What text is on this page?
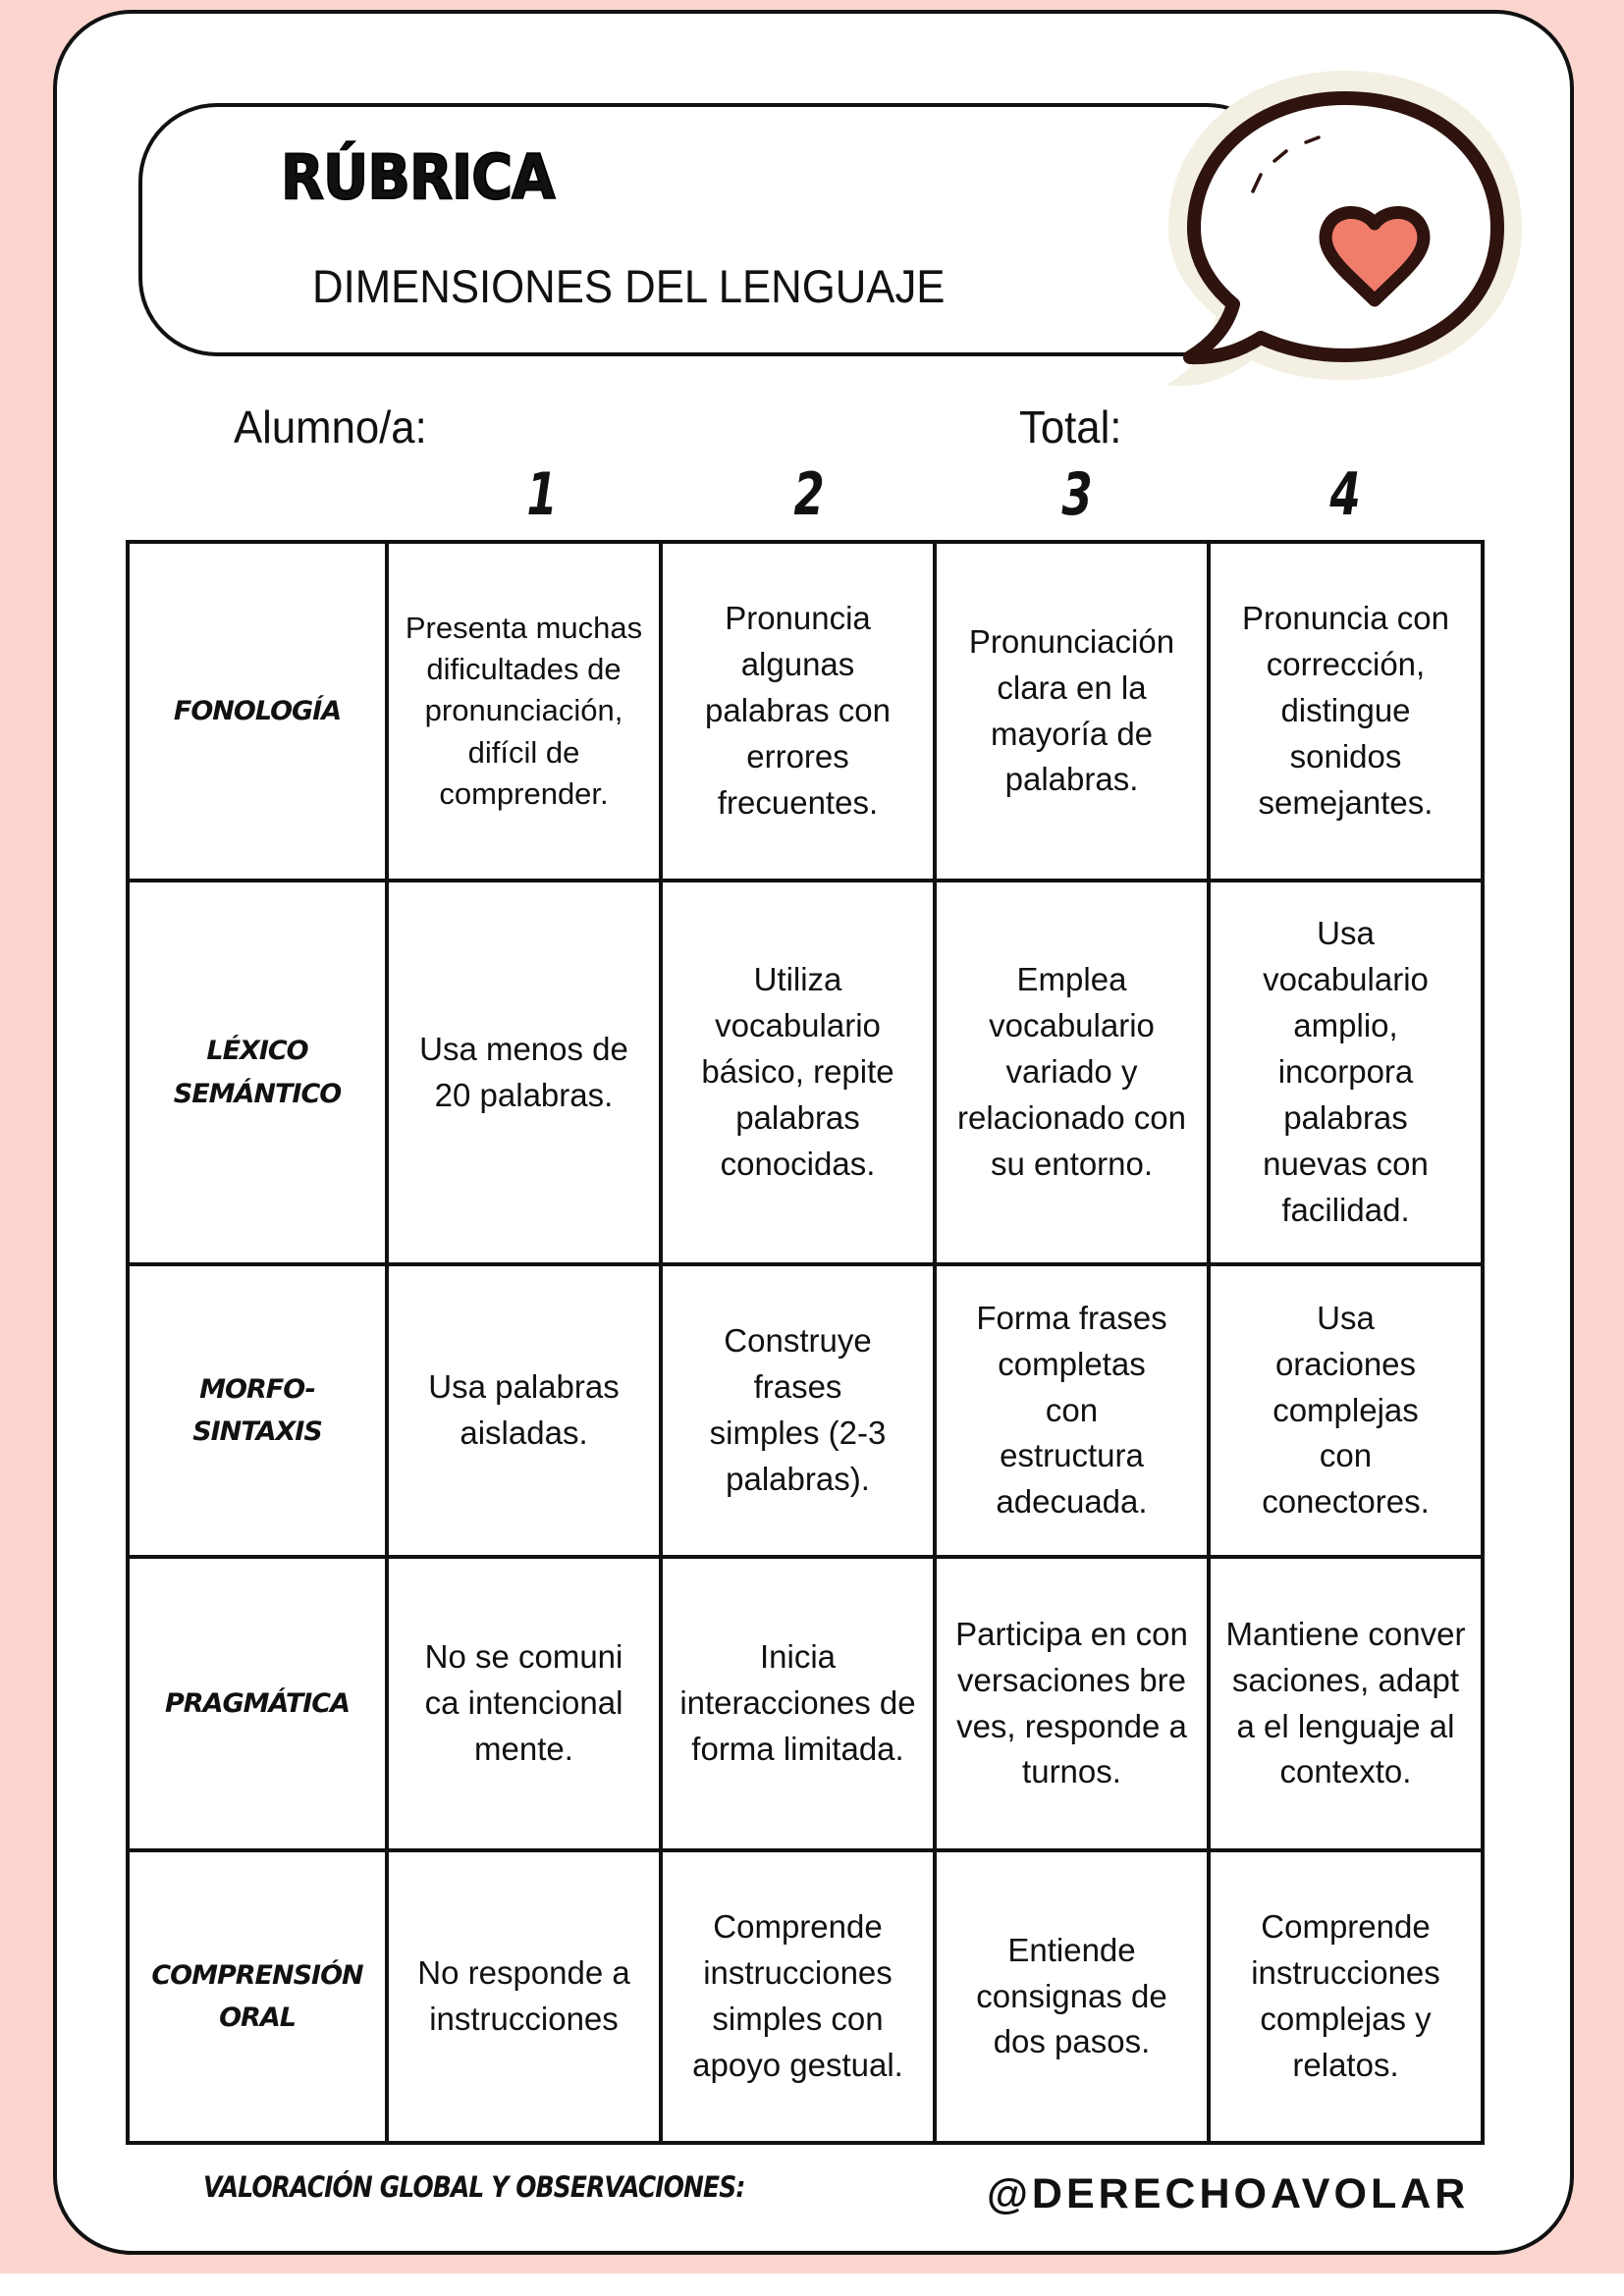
RÚBRICA
DIMENSIONES DEL LENGUAJE
Alumno/a:	Total:
1	2	3	4
FONOLOGÍA	Presenta muchas dificultades de pronunciación, difícil de comprender.	Pronuncia algunas palabras con errores frecuentes.	Pronunciación clara en la mayoría de palabras.	Pronuncia con corrección, distingue sonidos semejantes.
LÉXICO SEMÁNTICO	Usa menos de 20 palabras.	Utiliza vocabulario básico, repite palabras conocidas.	Emplea vocabulario variado y relacionado con su entorno.	Usa vocabulario amplio, incorpora palabras nuevas con facilidad.
MORFO-SINTAXIS	Usa palabras aisladas.	Construye frases simples (2-3 palabras).	Forma frases completas con estructura adecuada.	Usa oraciones complejas con conectores.
PRAGMÁTICA	No se comunica intencionalmente.	Inicia interacciones de forma limitada.	Participa en conversaciones breves, responde a turnos.	Mantiene conversaciones, adapta el lenguaje al contexto.
COMPRENSIÓN ORAL	No responde a instrucciones	Comprende instrucciones simples con apoyo gestual.	Entiende consignas de dos pasos.	Comprende instrucciones complejas y relatos.
VALORACIÓN GLOBAL Y OBSERVACIONES:	@DERECHOAVOLAR
